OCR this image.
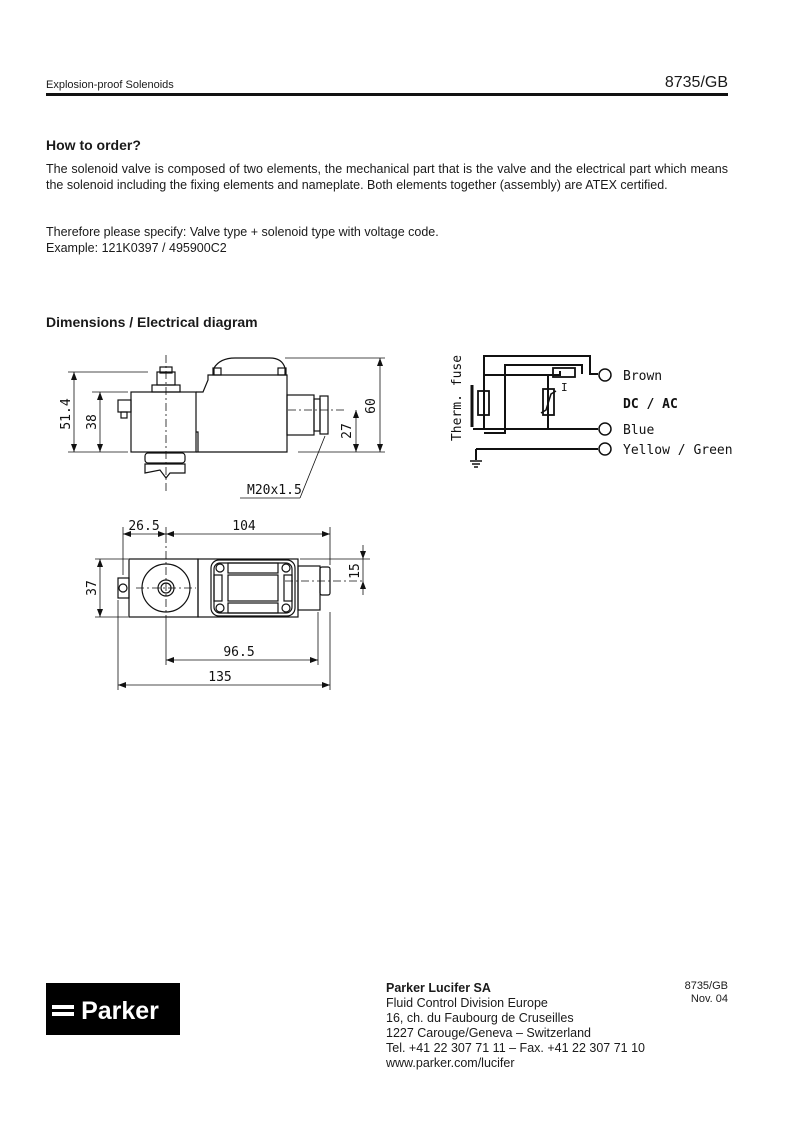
Explosion-proof Solenoids	8735/GB
How to order?
The solenoid valve is composed of two elements, the mechanical part that is the valve and the electrical part which means the solenoid including the fixing elements and nameplate. Both elements together (assembly) are ATEX certified.
Therefore please specify: Valve type + solenoid type with voltage code.
Example: 121K0397 / 495900C2
Dimensions / Electrical diagram
51.4 38
60
27
M20x1.5
26.5	104
37
15
96.5
135
Therm. fuse	I
DC / AC
Brown
Blue
Yellow / Green
Parker
Parker Lucifer SA
Fluid Control Division Europe
16, ch. du Faubourg de Cruseilles
1227 Carouge/Geneva – Switzerland
Tel. +41 22 307 71 11 – Fax. +41 22 307 71 10
www.parker.com/lucifer
8735/GB
Nov. 04
